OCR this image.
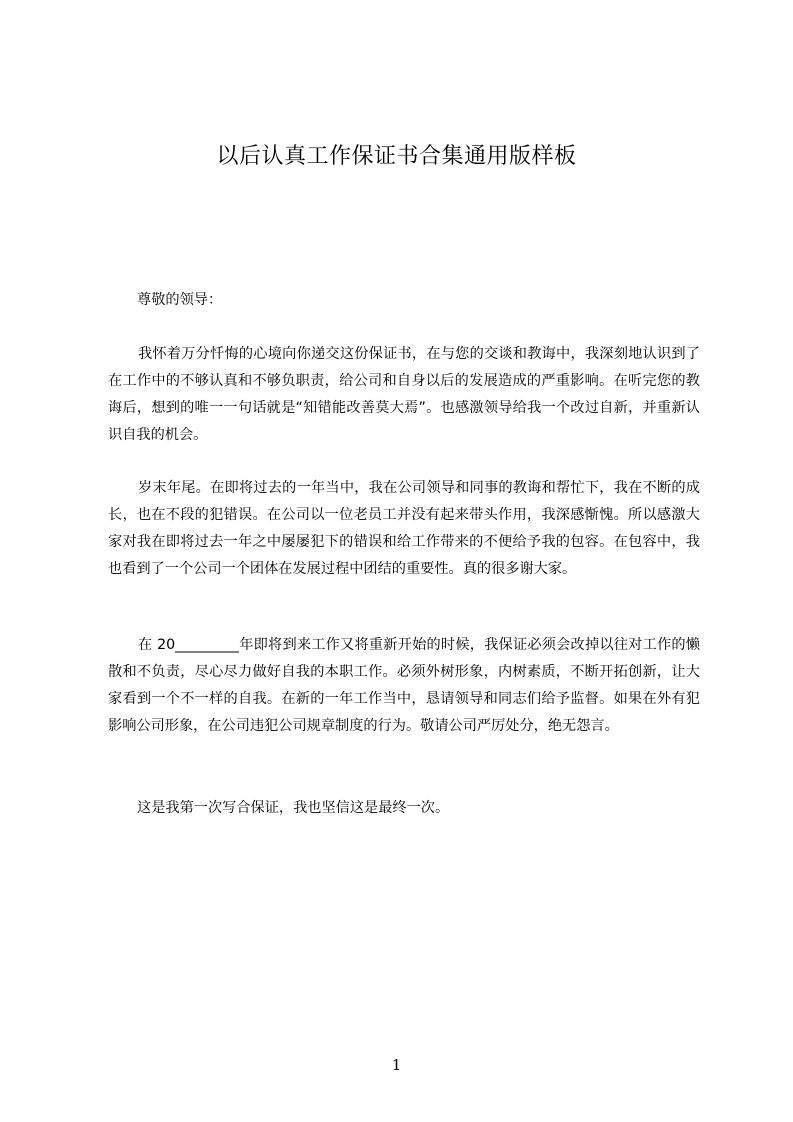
以后认真工作保证书合集通用版样板

尊敬的领导：

我怀着万分忏悔的心境向你递交这份保证书，在与您的交谈和教诲中，我深刻地认识到了在工作中的不够认真和不够负职责，给公司和自身以后的发展造成的严重影响。在听完您的教诲后，想到的唯一一句话就是“知错能改善莫大焉”。也感激领导给我一个改过自新，并重新认识自我的机会。

岁末年尾。在即将过去的一年当中，我在公司领导和同事的教诲和帮忙下，我在不断的成长，也在不段的犯错误。在公司以一位老员工并没有起来带头作用，我深感惭愧。所以感激大家对我在即将过去一年之中屡屡犯下的错误和给工作带来的不便给予我的包容。在包容中，我也看到了一个公司一个团体在发展过程中团结的重要性。真的很多谢大家。

在 20_________年即将到来工作又将重新开始的时候，我保证必须会改掉以往对工作的懒散和不负责，尽心尽力做好自我的本职工作。必须外树形象，内树素质，不断开拓创新，让大家看到一个不一样的自我。在新的一年工作当中，恳请领导和同志们给予监督。如果在外有犯影响公司形象，在公司违犯公司规章制度的行为。敬请公司严厉处分，绝无怨言。

这是我第一次写合保证，我也坚信这是最终一次。

1
